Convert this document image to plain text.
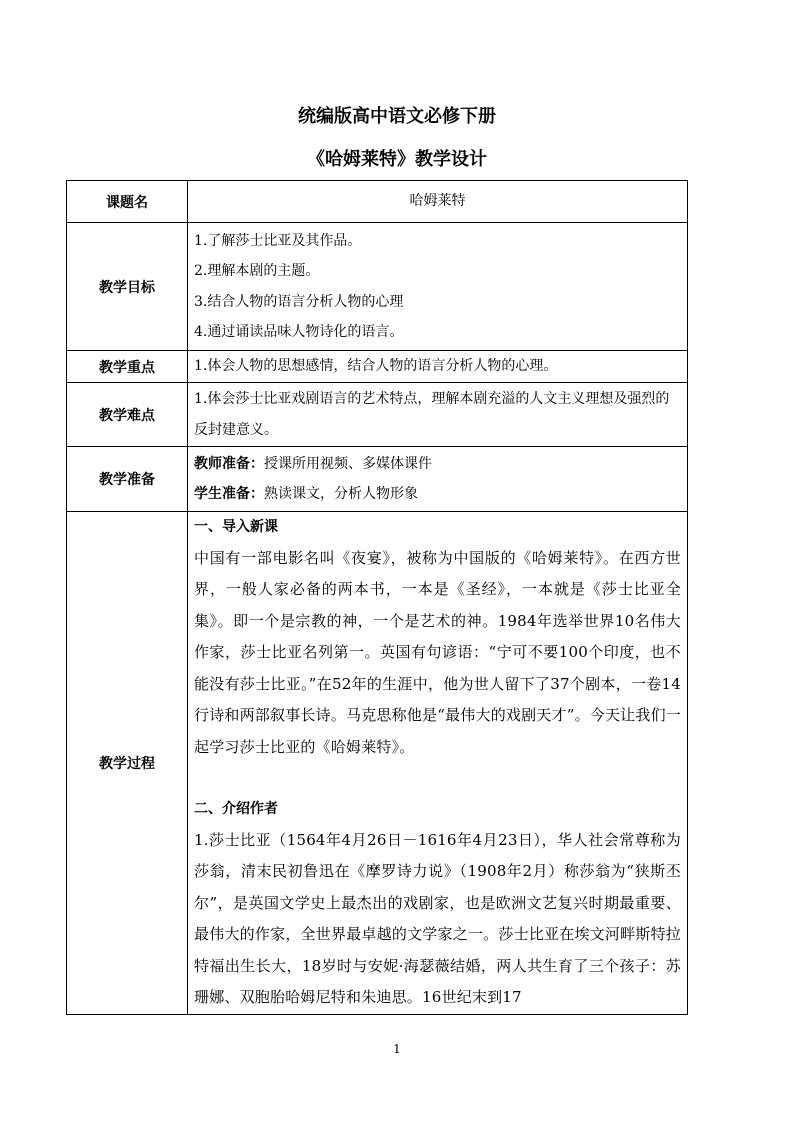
统编版高中语文必修下册
《哈姆莱特》教学设计
课题名	哈姆莱特
教学目标	1.了解莎士比亚及其作品。
2.理解本剧的主题。
3.结合人物的语言分析人物的心理
4.通过诵读品味人物诗化的语言。

教学重点	1.体会人物的思想感情，结合人物的语言分析人物的心理。
教学难点	1.体会莎士比亚戏剧语言的艺术特点，理解本剧充溢的人文主义理想及强烈的反封建意义。
教学准备	教师准备：授课所用视频、多媒体课件
学生准备：熟读课文，分析人物形象

教学过程	一、导入新课
中国有一部电影名叫《夜宴》，被称为中国版的《哈姆莱特》。在西方世界，一般人家必备的两本书，一本是《圣经》，一本就是《莎士比亚全集》。即一个是宗教的神，一个是艺术的神。1984年选举世界10名伟大作家，莎士比亚名列第一。英国有句谚语：“宁可不要100个印度，也不能没有莎士比亚。”在52年的生涯中，他为世人留下了37个剧本，一卷14行诗和两部叙事长诗。马克思称他是“最伟大的戏剧天才”。今天让我们一起学习莎士比亚的《哈姆莱特》。
二、介绍作者
1.莎士比亚（1564年4月26日－1616年4月23日），华人社会常尊称为莎翁，清末民初鲁迅在《摩罗诗力说》（1908年2月）称莎翁为“狭斯丕尔”，是英国文学史上最杰出的戏剧家，也是欧洲文艺复兴时期最重要、最伟大的作家，全世界最卓越的文学家之一。莎士比亚在埃文河畔斯特拉特福出生长大，18岁时与安妮·海瑟薇结婚，两人共生育了三个孩子：苏珊娜、双胞胎哈姆尼特和朱迪思。16世纪末到17
1
